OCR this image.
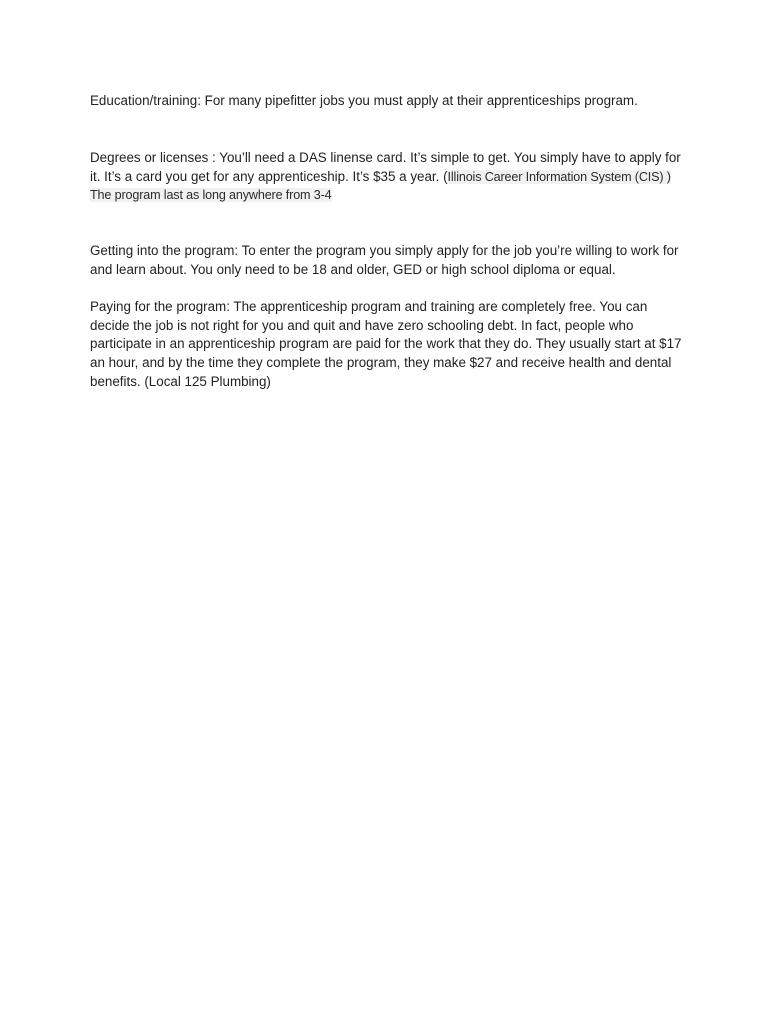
Education/training: For many pipefitter jobs you must apply at their apprenticeships program.

Degrees or licenses : You’ll need a DAS linense card. It’s simple to get. You simply have to apply for it. It’s a card you get for any apprenticeship. It’s $35 a year. (Illinois Career Information System (CIS) ) The program last as long anywhere from 3-4

Getting into the program: To enter the program you simply apply for the job you’re willing to work for and learn about. You only need to be 18 and older, GED or high school diploma or equal.

Paying for the program: The apprenticeship program and training are completely free. You can decide the job is not right for you and quit and have zero schooling debt. In fact, people who participate in an apprenticeship program are paid for the work that they do. They usually start at $17 an hour, and by the time they complete the program, they make $27 and receive health and dental benefits. (Local 125 Plumbing)
